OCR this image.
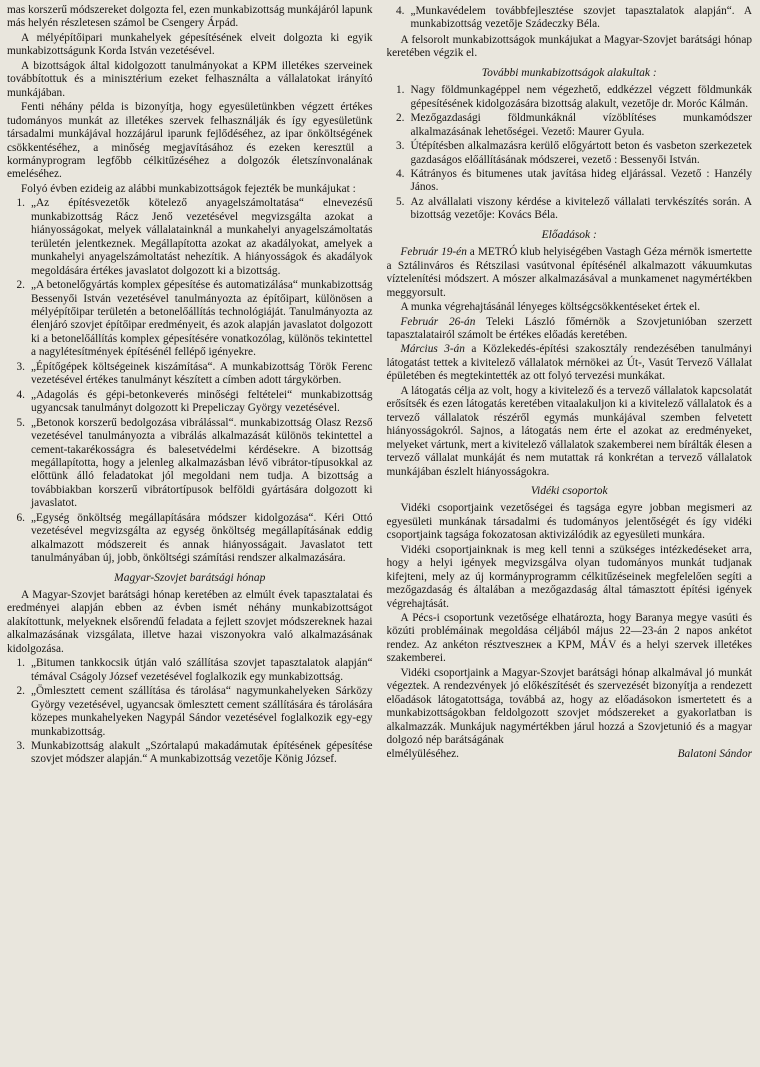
mas korszerű módszereket dolgozta fel, ezen munkabizottság munkájáról lapunk más helyén részletesen számol be Csengery Árpád.

A mélyépítőipari munkahelyek gépesítésének elveit dolgozta ki egyik munkabizottságunk Korda István vezetésével.

A bizottságok által kidolgozott tanulmányokat a KPM illetékes szerveinek továbbítottuk és a minisztérium ezeket felhasználta a vállalatokat irányító munkájában.

Fenti néhány példa is bizonyítja, hogy egyesületünkben végzett értékes tudományos munkát az illetékes szervek felhasználják és így egyesületünk társadalmi munkájával hozzájárul iparunk fejlődéséhez, az ipar önköltségének csökkentéséhez, a minőség megjavításához és ezeken keresztül a kormányprogram legfőbb célkitűzéséhez a dolgozók életszínvonalának emeléséhez.

Folyó évben ezideig az alábbi munkabizottságok fejezték be munkájukat :

1. „Az építésvezetők kötelező anyagelszámoltatása“ elnevezésű munkabizottság Rácz Jenő vezetésével megvizsgálta azokat a hiányosságokat, melyek vállalatainknál a munkahelyi anyagelszámoltatás területén jelentkeznek. Megállapította azokat az akadályokat, amelyek a munkahelyi anyagelszámoltatást nehezítik. A hiányosságok és akadályok megoldására értékes javaslatot dolgozott ki a bizottság.
2. „A betonelőgyártás komplex gépesítése és automatizálása“ munkabizottság Bessenyői István vezetésével tanulmányozta az építőipart, különösen a mélyépítőipar területén a betonelőállítás technológiáját. Tanulmányozta az élenjáró szovjet építőipar eredményeit, és azok alapján javaslatot dolgozott ki a betonelőállítás komplex gépesítésére vonatkozólag, különös tekintettel a nagylétesítmények építésénél fellépő igényekre.
3. „Építőgépek költségeinek kiszámítása“. A munkabizottság Török Ferenc vezetésével értékes tanulmányt készített a címben adott tárgykörben.
4. „Adagolás és gépi-betonkeverés minőségi feltételei“ munkabizottság ugyancsak tanulmányt dolgozott ki Prepeliczay György vezetésével.
5. „Betonok korszerű bedolgozása vibrálással“. munkabizottság Olasz Rezső vezetésével tanulmányozta a vibrálás alkalmazását különös tekintettel a cement-takarékosságra és balesetvédelmi kérdésekre. A bizottság megállapította, hogy a jelenleg alkalmazásban lévő vibrátor-típusokkal az előttünk álló feladatokat jól megoldani nem tudja. A bizottság a továbbiakban korszerű vibrátortípusok belföldi gyártására dolgozott ki javaslatot.
6. „Egység önköltség megállapítására módszer kidolgozása“. Kéri Ottó vezetésével megvizsgálta az egység önköltség megállapításának eddig alkalmazott módszereit és annak hiányosságait. Javaslatot tett tanulmányában új, jobb, önköltségi számítási rendszer alkalmazására.
Magyar-Szovjet barátsági hónap

A Magyar-Szovjet barátsági hónap keretében az elmúlt évek tapasztalatai és eredményei alapján ebben az évben ismét néhány munkabizottságot alakítottunk, melyeknek elsőrendű feladata a fejlett szovjet módszereknek hazai alkalmazásának vizsgálata, illetve hazai viszonyokra való alkalmazásának kidolgozása.

1. „Bitumen tankkocsik útján való szállítása szovjet tapasztalatok alapján“ témával Cságoly József vezetésével foglalkozik egy munkabizottság.
2. „Ömlesztett cement szállítása és tárolása“ nagymunkahelyeken Sárközy György vezetésével, ugyancsak ömlesztett cement szállítására és tárolására közepes munkahelyeken Nagypál Sándor vezetésével foglalkozik egy-egy munkabizottság.
3. Munkabizottság alakult „Szórtalapú makadámutak építésének gépesítése szovjet módszer alapján.“ A munkabizottság vezetője König József.
4. „Munkavédelem továbbfejlesztése szovjet tapasztalatok alapján“. A munkabizottság vezetője Szádeczky Béla.

A felsorolt munkabizottságok munkájukat a Magyar-Szovjet barátsági hónap keretében végzik el.

További munkabizottságok alakultak :
1. Nagy földmunkagéppel nem végezhető, eddkézzel végzett földmunkák gépesítésének kidolgozására bizottság alakult, vezetője dr. Moróc Kálmán.
2. Mezőgazdasági földmunkáknál vízöblítéses munkamódszer alkalmazásának lehetőségei. Vezető: Maurer Gyula.
3. Útépítésben alkalmazásra kerülő előgyártott beton és vasbeton szerkezetek gazdaságos előállításának módszerei, vezető : Bessenyői István.
4. Kátrányos és bitumenes utak javítása hideg eljárással. Vezető : Hanzély János.
5. Az alvállalati viszony kérdése a kivitelező vállalati tervkészítés során. A bizottság vezetője: Kovács Béla.
Előadások :

Február 19-én a METRÓ klub helyiségében Vastagh Géza mérnök ismertette a Sztálinváros és Rétszilasi vasútvonal építésénél alkalmazott vákuumkutas víztelenítési módszert. A mószer alkalmazásával a munkamenet nagymértékben meggyorsult.

A munka végrehajtásánál lényeges költségcsökkentéseket értek el.

Február 26-án Teleki László főmérnök a Szovjetunióban szerzett tapasztalatairól számolt be értékes előadás keretében.

Március 3-án a Közlekedés-építési szakosztály rendezésében tanulmányi látogatást tettek a kivitelező vállalatok mérnökei az Út-, Vasút Tervező Vállalat épületében és megtekintették az ott folyó tervezési munkákat.

A látogatás célja az volt, hogy a kivitelező és a tervező vállalatok kapcsolatát erősítsék és ezen látogatás keretében vitaalakuljon ki a kivitelező vállalatok és a tervező vállalatok részéről egymás munkájával szemben felvetett hiányosságokról. Sajnos, a látogatás nem érte el azokat az eredményeket, melyeket vártunk, mert a kivitelező vállalatok szakemberei nem bírálták élesen a tervező vállalat munkáját és nem mutattak rá konkrétan a tervező vállalatok munkájában észlelt hiányosságokra.

Vidéki csoportok

Vidéki csoportjaink vezetőségei és tagsága egyre jobban megismeri az egyesületi munkának társadalmi és tudományos jelentőségét és így vidéki csoportjaink tagsága fokozatosan aktivizálódik az egyesületi munkára.

Vidéki csoportjainknak is meg kell tenni a szükséges intézkedéseket arra, hogy a helyi igények megvizsgálva olyan tudományos munkát tudjanak kifejteni, mely az új kormányprogramm célkitűzéseinek megfelelően segíti a mezőgazdaság és általában a mezőgazdaság által támasztott építési igények végrehajtását.

A Pécs-i csoportunk vezetősége elhatározta, hogy Baranya megye vasúti és közúti problémáinak megoldása céljából május 22—23-án 2 napos ankétot rendez. Az ankéton résztveszнек a KPM, MÁV és a helyi szervek illetékes szakemberei.

Vidéki csoportjaink a Magyar-Szovjet barátsági hónap alkalmával jó munkát végeztek. A rendezvények jó előkészítését és szervezését bizonyítja a rendezett előadások látogatottsága, továbbá az, hogy az előadásokon ismertetett és a munkabizottságokban feldolgozott szovjet módszereket a gyakorlatban is alkalmazzák. Munkájuk nagymértékben járul hozzá a Szovjetunió és a magyar dolgozó nép barátságának

elmélyüléséhez.	Balatoni Sándor
